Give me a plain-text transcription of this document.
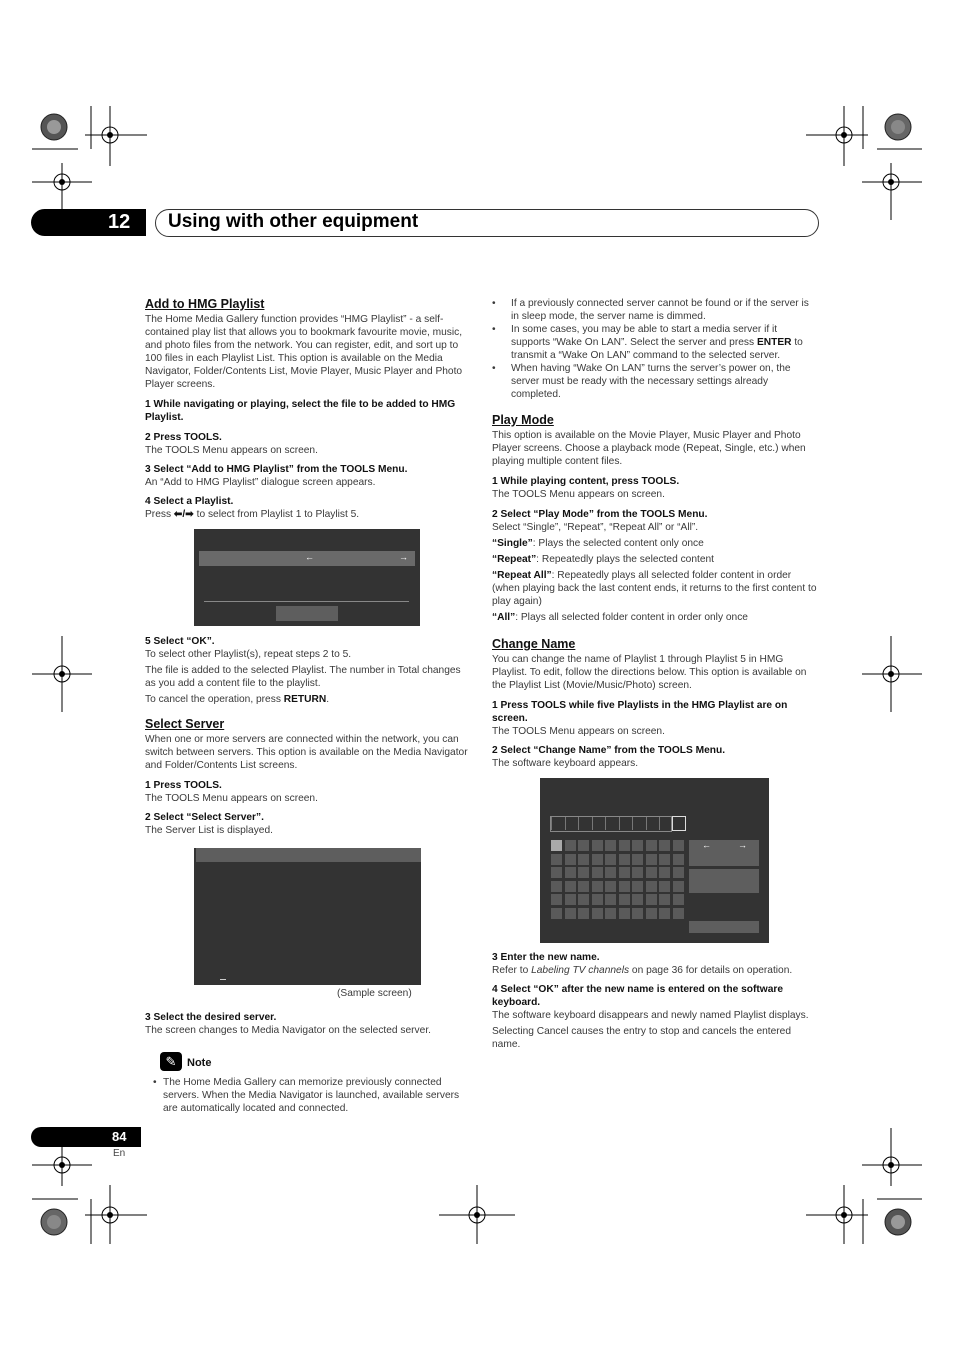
12 Using with other equipment
Add to HMG Playlist

The Home Media Gallery function provides “HMG Playlist” - a self-contained play list that allows you to bookmark favourite movie, music, and photo files from the network. You can register, edit, and sort up to 100 files in each Playlist List. This option is available on the Media Navigator, Folder/Contents List, Movie Player, Music Player and Photo Player screens.

1 While navigating or playing, select the file to be added to HMG Playlist.

2 Press TOOLS.

The TOOLS Menu appears on screen.

3 Select “Add to HMG Playlist” from the TOOLS Menu.

An “Add to HMG Playlist” dialogue screen appears.

4 Select a Playlist.

Press ⬅/➡ to select from Playlist 1 to Playlist 5.

←	→

5 Select “OK”.

To select other Playlist(s), repeat steps 2 to 5.

The file is added to the selected Playlist. The number in Total changes as you add a content file to the playlist.

To cancel the operation, press RETURN.

Select Server

When one or more servers are connected within the network, you can switch between servers. This option is available on the Media Navigator and Folder/Contents List screens.

1 Press TOOLS.

The TOOLS Menu appears on screen.

2 Select “Select Server”.

The Server List is displayed.

(Sample screen)

3 Select the desired server.

The screen changes to Media Navigator on the selected server.

✎ Note

• The Home Media Gallery can memorize previously connected servers. When the Media Navigator is launched, available servers are automatically located and connected.

84
En

• If a previously connected server cannot be found or if the server is in sleep mode, the server name is dimmed.

• In some cases, you may be able to start a media server if it supports “Wake On LAN”. Select the server and press ENTER to transmit a “Wake On LAN” command to the selected server.

• When having “Wake On LAN” turns the server’s power on, the server must be ready with the necessary settings already completed.

Play Mode

This option is available on the Movie Player, Music Player and Photo Player screens. Choose a playback mode (Repeat, Single, etc.) when playing multiple content files.

1 While playing content, press TOOLS.

The TOOLS Menu appears on screen.

2 Select “Play Mode” from the TOOLS Menu.

Select “Single”, “Repeat”, “Repeat All” or “All”.

“Single”: Plays the selected content only once

“Repeat”: Repeatedly plays the selected content

“Repeat All”: Repeatedly plays all selected folder content in order (when playing back the last content ends, it returns to the first content to play again)

“All”: Plays all selected folder content in order only once

Change Name

You can change the name of Playlist 1 through Playlist 5 in HMG Playlist. To edit, follow the directions below. This option is available on the Playlist List (Movie/Music/Photo) screen.

1 Press TOOLS while five Playlists in the HMG Playlist are on screen.

The TOOLS Menu appears on screen.

2 Select “Change Name” from the TOOLS Menu.

The software keyboard appears.

←	→

3 Enter the new name.

Refer to Labeling TV channels on page 36 for details on operation.

4 Select “OK” after the new name is entered on the software keyboard.

The software keyboard disappears and newly named Playlist displays.

Selecting Cancel causes the entry to stop and cancels the entered name.
